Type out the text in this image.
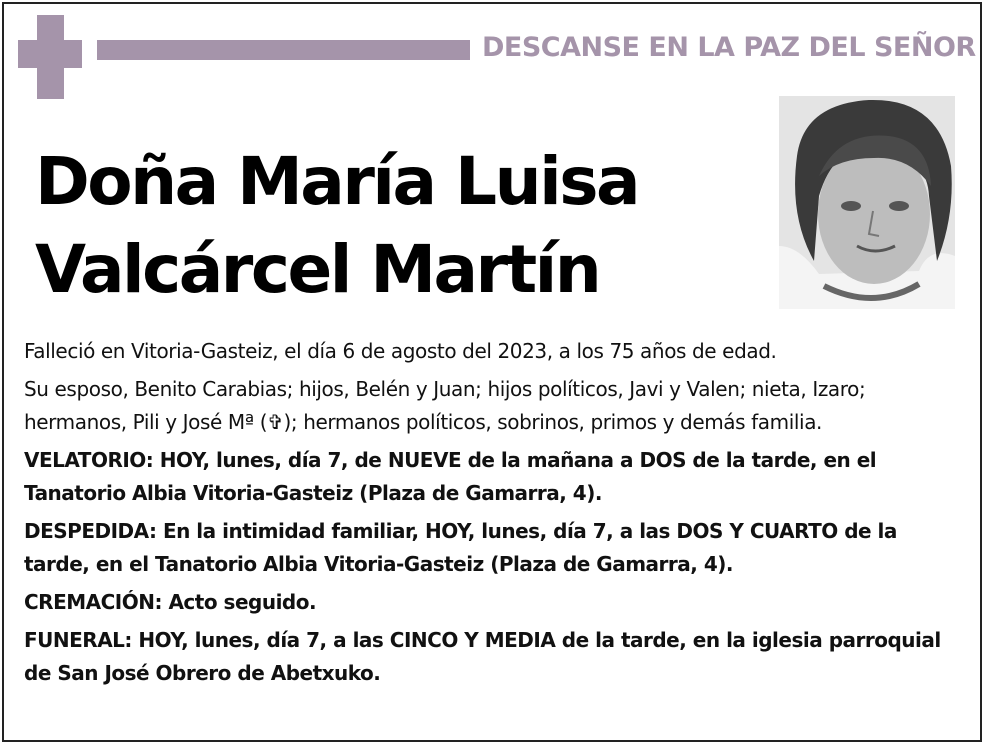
DESCANSE EN LA PAZ DEL SEÑOR
Doña María Luisa
Valcárcel Martín

Falleció en Vitoria-Gasteiz, el día 6 de agosto del 2023, a los 75 años de edad.

Su esposo, Benito Carabias; hijos, Belén y Juan; hijos políticos, Javi y Valen; nieta, Izaro; hermanos, Pili y José Mª (✞); hermanos políticos, sobrinos, primos y demás familia.

VELATORIO: HOY, lunes, día 7, de NUEVE de la mañana a DOS de la tarde, en el Tanatorio Albia Vitoria-Gasteiz (Plaza de Gamarra, 4).

DESPEDIDA: En la intimidad familiar, HOY, lunes, día 7, a las DOS Y CUARTO de la tarde, en el Tanatorio Albia Vitoria-Gasteiz (Plaza de Gamarra, 4).

CREMACIÓN: Acto seguido.

FUNERAL: HOY, lunes, día 7, a las CINCO Y MEDIA de la tarde, en la iglesia parroquial de San José Obrero de Abetxuko.
